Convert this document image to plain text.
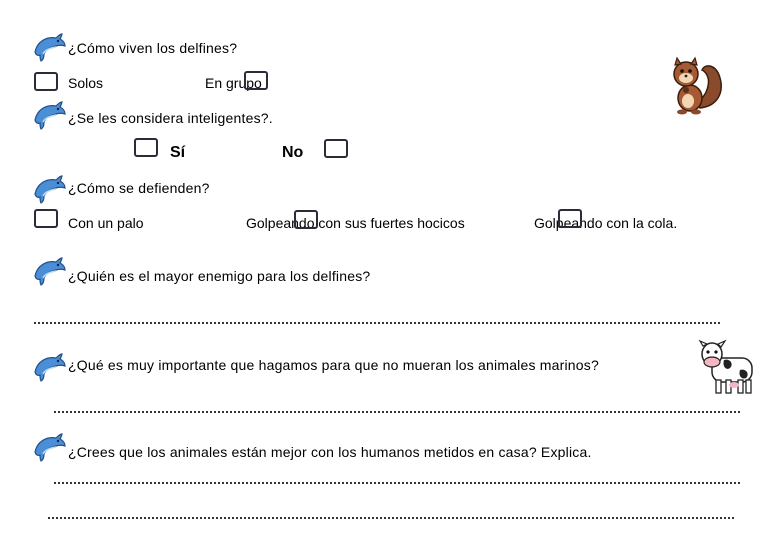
¿Cómo viven los delfines?
Solos	En grupo
¿Se les considera inteligentes?.
Sí	No
¿Cómo se defienden?
Con un palo	Golpeando con sus fuertes hocicos	Golpeando con la cola.
¿Quién es el mayor enemigo para los delfines?
¿Qué es muy importante que hagamos para que no mueran los animales marinos?
¿Crees que los animales están mejor con los humanos metidos en casa? Explica.
